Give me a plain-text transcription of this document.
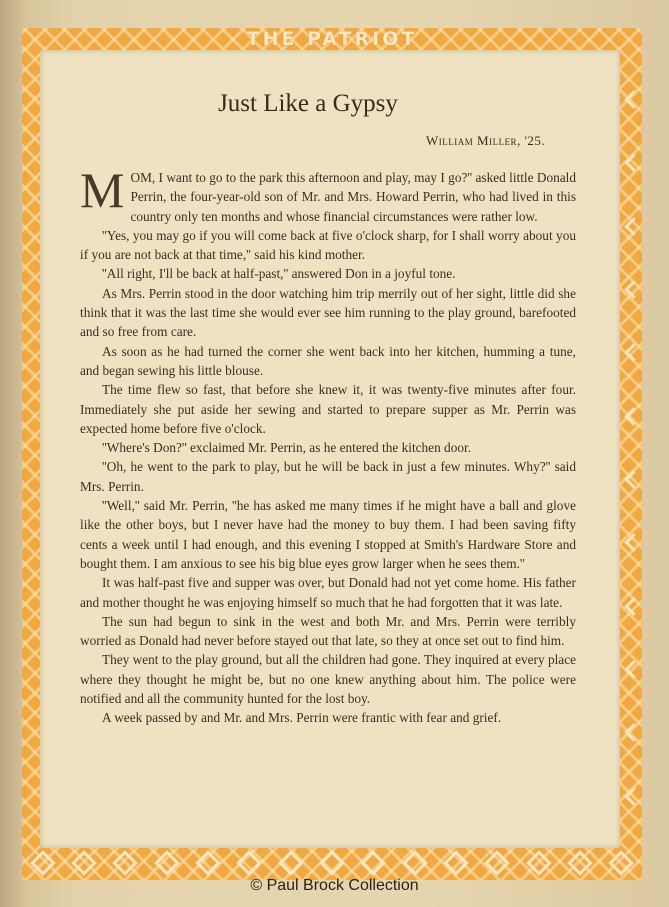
THE PATRIOT
Just Like a Gypsy

William Miller, '25.

MOM, I want to go to the park this afternoon and play, may I go?'' asked little Donald Perrin, the four-year-old son of Mr. and Mrs. Howard Perrin, who had lived in this country only ten months and whose financial circumstances were rather low.

''Yes, you may go if you will come back at five o'clock sharp, for I shall worry about you if you are not back at that time,'' said his kind mother.

''All right, I'll be back at half-past,'' answered Don in a joyful tone.

As Mrs. Perrin stood in the door watching him trip merrily out of her sight, little did she think that it was the last time she would ever see him running to the play ground, barefooted and so free from care.

As soon as he had turned the corner she went back into her kitchen, humming a tune, and began sewing his little blouse.

The time flew so fast, that before she knew it, it was twenty-five minutes after four. Immediately she put aside her sewing and started to prepare supper as Mr. Perrin was expected home before five o'clock.

''Where's Don?'' exclaimed Mr. Perrin, as he entered the kitchen door.

''Oh, he went to the park to play, but he will be back in just a few minutes. Why?'' said Mrs. Perrin.

''Well,'' said Mr. Perrin, ''he has asked me many times if he might have a ball and glove like the other boys, but I never have had the money to buy them. I had been saving fifty cents a week until I had enough, and this evening I stopped at Smith's Hardware Store and bought them. I am anxious to see his big blue eyes grow larger when he sees them.''

It was half-past five and supper was over, but Donald had not yet come home. His father and mother thought he was enjoying himself so much that he had forgotten that it was late.

The sun had begun to sink in the west and both Mr. and Mrs. Perrin were terribly worried as Donald had never before stayed out that late, so they at once set out to find him.

They went to the play ground, but all the children had gone. They inquired at every place where they thought he might be, but no one knew anything about him. The police were notified and all the community hunted for the lost boy.

A week passed by and Mr. and Mrs. Perrin were frantic with fear and grief.

© Paul Brock Collection
